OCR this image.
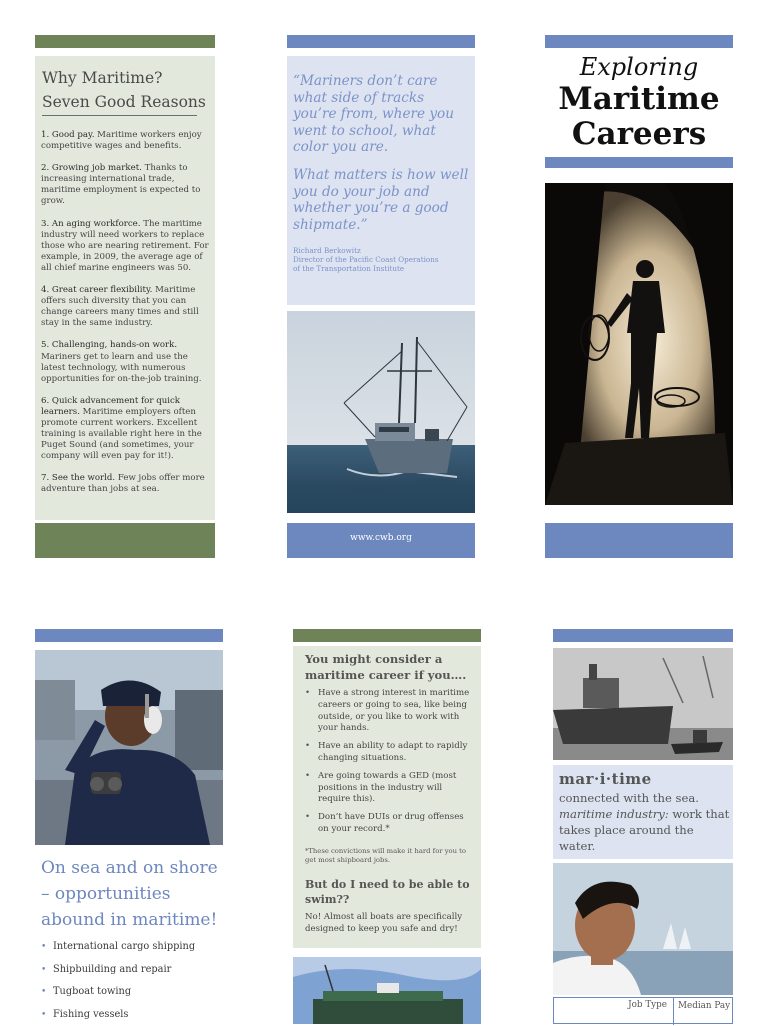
Why Maritime?
Seven Good Reasons

1. Good pay. Maritime workers enjoy competitive wages and benefits.

2. Growing job market. Thanks to increasing international trade, maritime employment is expected to grow.

3. An aging workforce. The maritime industry will need workers to replace those who are nearing retirement. For example, in 2009, the average age of all chief marine engineers was 50.

4. Great career flexibility. Maritime offers such diversity that you can change careers many times and still stay in the same industry.

5. Challenging, hands-on work. Mariners get to learn and use the latest technology, with numerous opportunities for on-the-job training.

6. Quick advancement for quick learners. Maritime employers often promote current workers. Excellent training is available right here in the Puget Sound (and sometimes, your company will even pay for it!).

7. See the world. Few jobs offer more adventure than jobs at sea.

“Mariners don’t care what side of tracks you’re from, where you went to school, what color you are.

What matters is how well you do your job and whether you’re a good shipmate.”

Richard Berkowitz
Director of the Pacific Coast Operations
of the Transportation Institute
www.cwb.org
Exploring
Maritime
Careers
On sea and on shore – opportunities abound in maritime!
• International cargo shipping
• Shipbuilding and repair
• Tugboat towing
• Fishing vessels
You might consider a maritime career if you….
• Have a strong interest in maritime careers or going to sea, like being outside, or you like to work with your hands.
• Have an ability to adapt to rapidly changing situations.
• Are going towards a GED (most positions in the industry will require this).
• Don’t have DUIs or drug offenses on your record.*
*These convictions will make it hard for you to get most shipboard jobs.
But do I need to be able to swim??
No! Almost all boats are specifically designed to keep you safe and dry!
mar·i·time
connected with the sea.
maritime industry: work that takes place around the water.
Job Type	Median Pay
